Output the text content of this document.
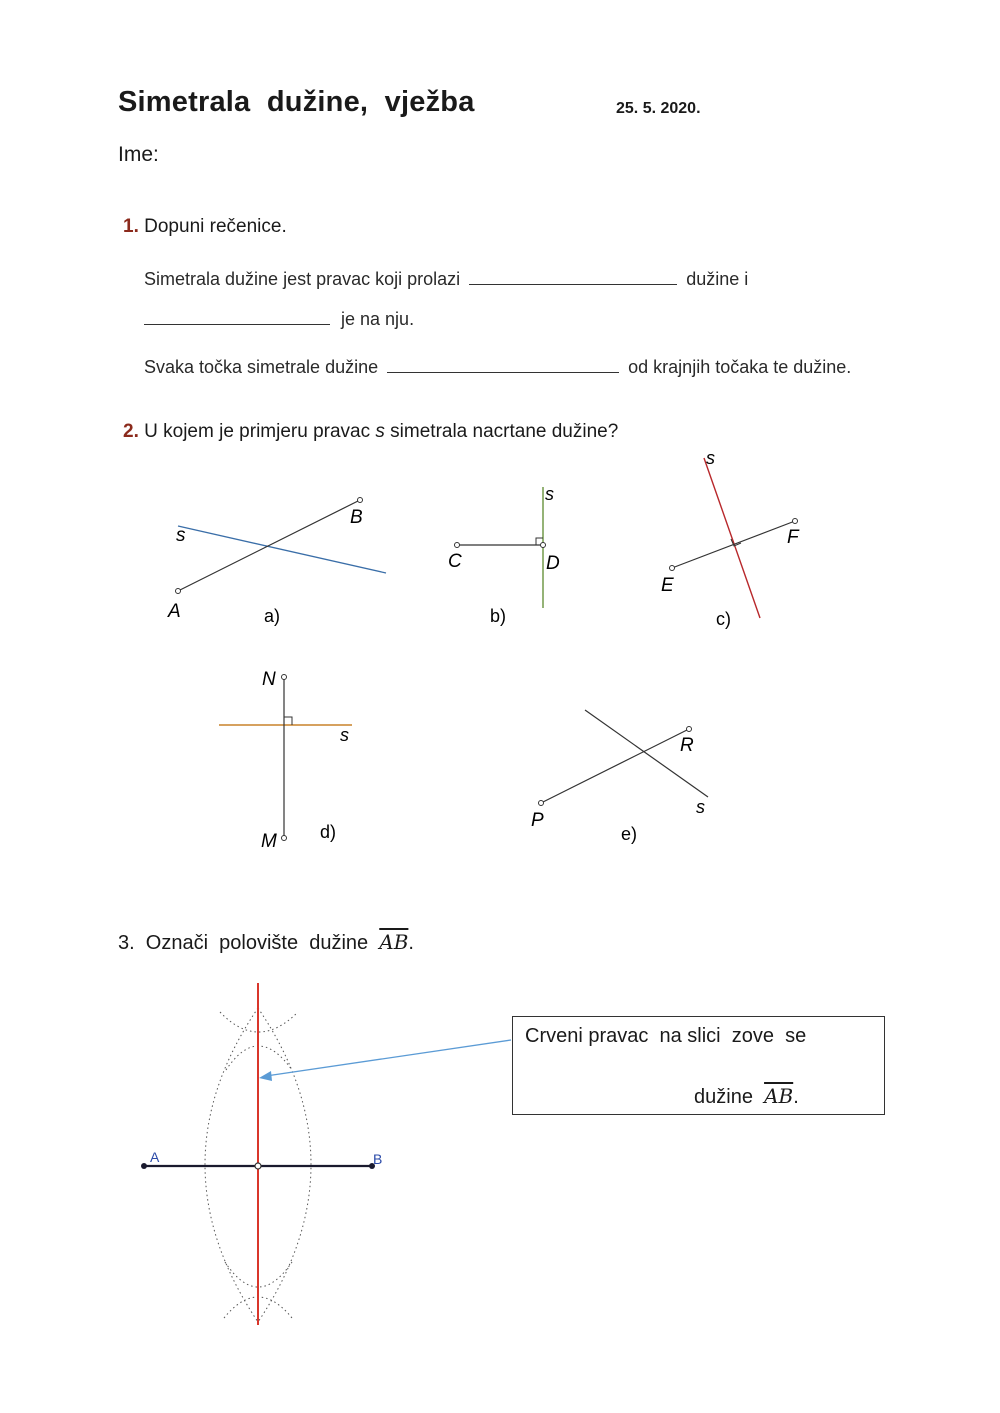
Simetrala  dužine,  vježba	25. 5. 2020.
Ime:
1. Dopuni rečenice.
Simetrala dužine jest pravac koji prolazi	dužine i
je na nju.
Svaka točka simetrale dužine	od krajnjih točaka te dužine.
2. U kojem je primjeru pravac s simetrala nacrtane dužine?
s
A
B
a)
s
C	D
b)
s
E
F
c)
s
N
M d)
s
R
P
e)
A	B
3.  Označi  polovište  dužine  $\overline{AB}$.
Crveni pravac  na slici  zove  se
dužine  $\overline{AB}$.
